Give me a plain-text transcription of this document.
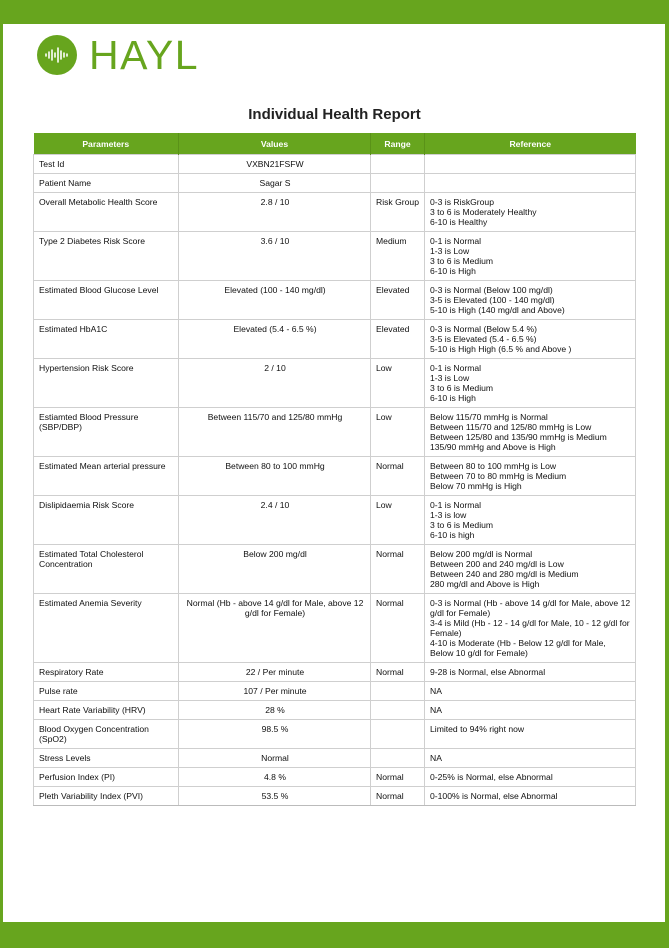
HAYL
Individual Health Report
Parameters	Values	Range	Reference
Test Id	VXBN21FSFW		
Patient Name	Sagar S		
Overall Metabolic Health Score	2.8 / 10	Risk Group	0-3 is RiskGroup
3 to 6 is Moderately Healthy
6-10 is Healthy
Type 2 Diabetes Risk Score	3.6 / 10	Medium	0-1 is Normal
1-3 is Low
3 to 6 is Medium
6-10 is High
Estimated Blood Glucose Level	Elevated (100 - 140 mg/dl)	Elevated	0-3 is Normal (Below 100 mg/dl)
3-5 is Elevated (100 - 140 mg/dl)
5-10 is High (140 mg/dl and Above)
Estimated HbA1C	Elevated (5.4 - 6.5 %)	Elevated	0-3 is Normal (Below 5.4 %)
3-5 is Elevated (5.4 - 6.5 %)
5-10 is High High (6.5 % and Above )
Hypertension Risk Score	2 / 10	Low	0-1 is Normal
1-3 is Low
3 to 6 is Medium
6-10 is High
Estiamted Blood Pressure (SBP/DBP)	Between 115/70 and 125/80 mmHg	Low	Below 115/70 mmHg is Normal
Between 115/70 and 125/80 mmHg is Low
Between 125/80 and 135/90 mmHg is Medium
135/90 mmHg and Above is High
Estimated Mean arterial pressure	Between 80 to 100 mmHg	Normal	Between 80 to 100 mmHg is Low
Between 70 to 80 mmHg is Medium
Below 70 mmHg is High
Dislipidaemia Risk Score	2.4 / 10	Low	0-1 is Normal
1-3 is low
3 to 6 is Medium
6-10 is high
Estimated Total Cholesterol Concentration	Below 200 mg/dl	Normal	Below 200 mg/dl is Normal
Between 200 and 240 mg/dl is Low
Between 240 and 280 mg/dl is Medium
280 mg/dl and Above is High
Estimated Anemia Severity	Normal (Hb - above 14 g/dl for Male, above 12 g/dl for Female)	Normal	0-3 is Normal (Hb - above 14 g/dl for Male, above 12 g/dl for Female)
3-4 is Mild (Hb - 12 - 14 g/dl for Male, 10 - 12 g/dl for Female)
4-10 is Moderate (Hb - Below 12 g/dl for Male, Below 10 g/dl for Female)
Respiratory Rate	22 / Per minute	Normal	9-28 is Normal, else Abnormal
Pulse rate	107 / Per minute		NA
Heart Rate Variability (HRV)	28 %		NA
Blood Oxygen Concentration (SpO2)	98.5 %		Limited to 94% right now
Stress Levels	Normal		NA
Perfusion Index (PI)	4.8 %	Normal	0-25% is Normal, else Abnormal
Pleth Variability Index (PVI)	53.5 %	Normal	0-100% is Normal, else Abnormal
